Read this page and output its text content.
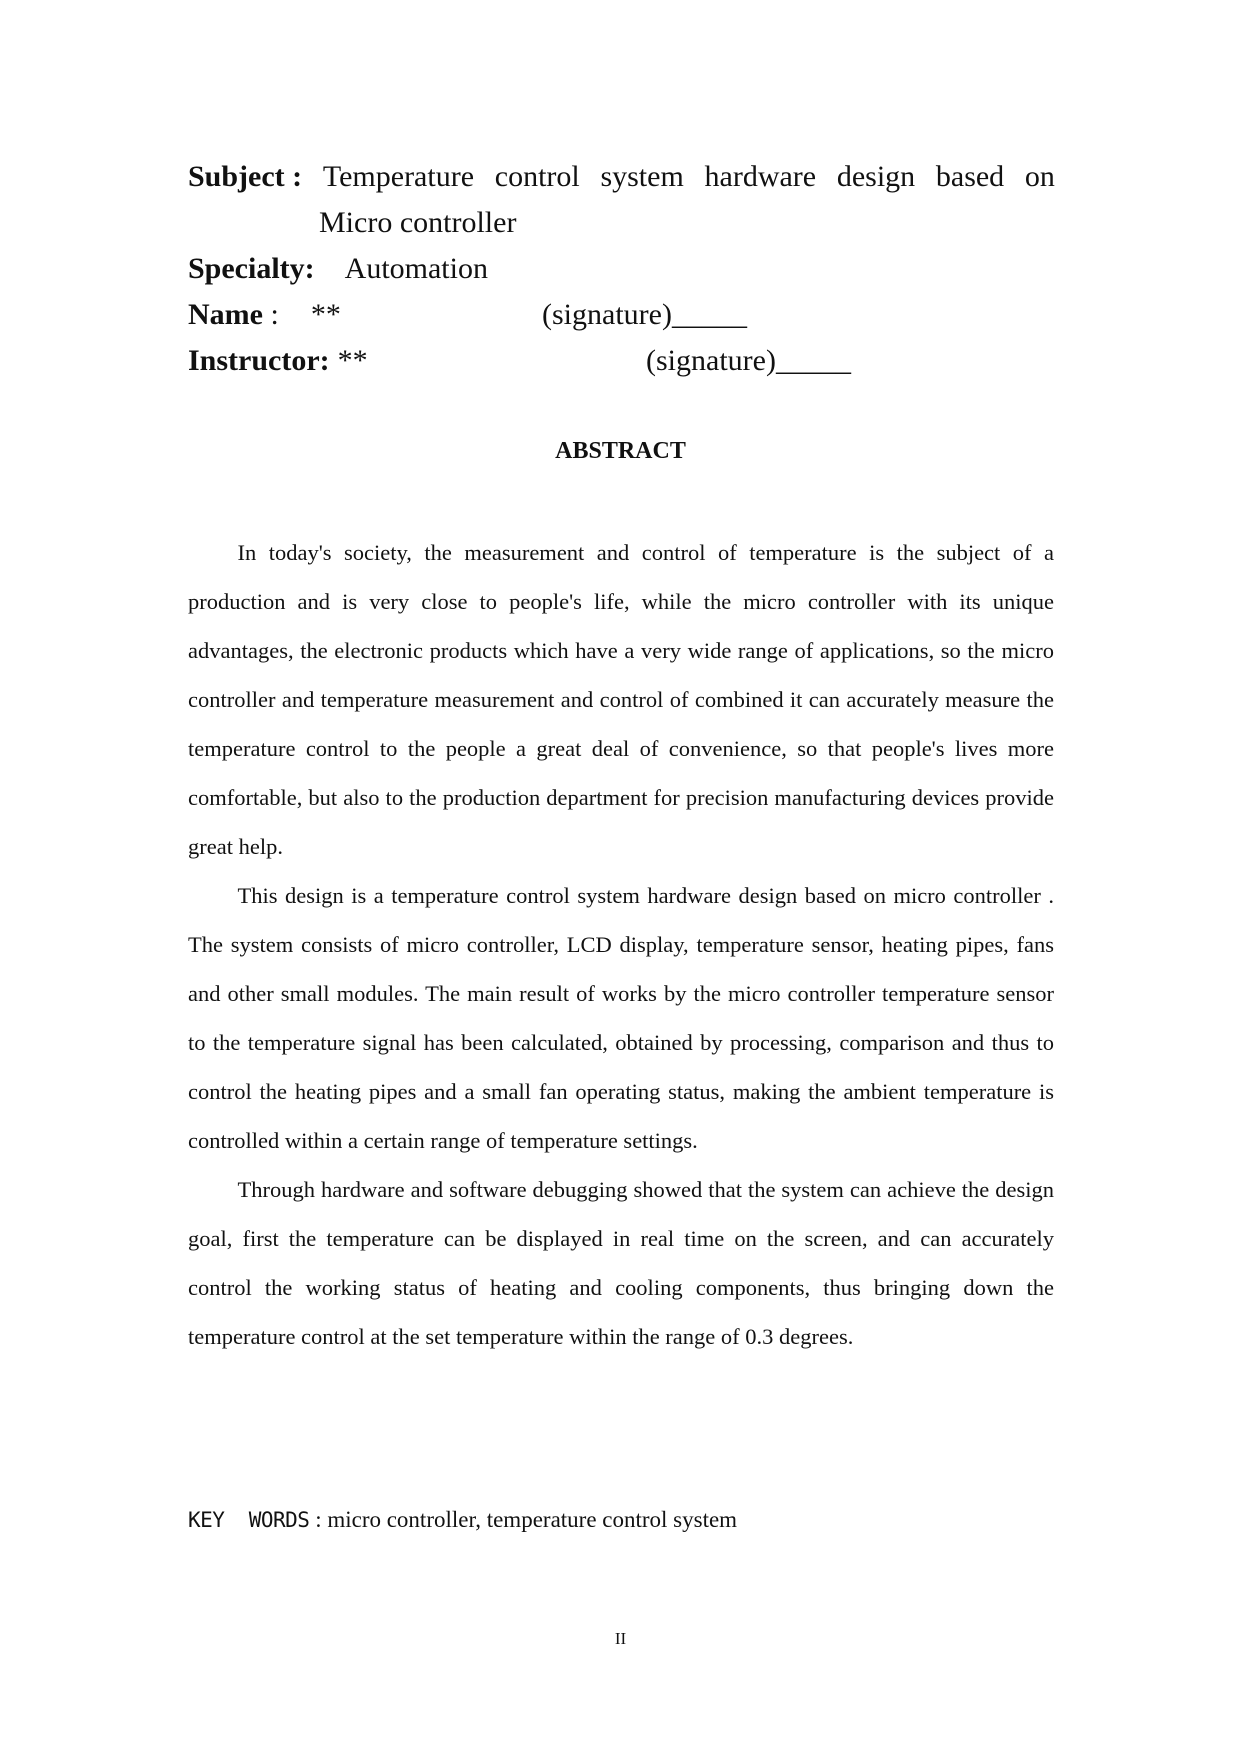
Subject : Temperature control system hardware design based on
Micro controller
Specialty: Automation
Name : **	(signature)_____
Instructor: **	(signature)_____
ABSTRACT

In today's society, the measurement and control of temperature is the subject of a production and is very close to people's life, while the micro controller with its unique advantages, the electronic products which have a very wide range of applications, so the micro controller and temperature measurement and control of combined it can accurately measure the temperature control to the people a great deal of convenience, so that people's lives more comfortable, but also to the production department for precision manufacturing devices provide great help.

This design is a temperature control system hardware design based on micro controller . The system consists of micro controller, LCD display, temperature sensor, heating pipes, fans and other small modules. The main result of works by the micro controller temperature sensor to the temperature signal has been calculated, obtained by processing, comparison and thus to control the heating pipes and a small fan operating status, making the ambient temperature is controlled within a certain range of temperature settings.

Through hardware and software debugging showed that the system can achieve the design goal, first the temperature can be displayed in real time on the screen, and can accurately control the working status of heating and cooling components, thus bringing down the temperature control at the set temperature within the range of 0.3 degrees.

KEY  WORDS : micro controller, temperature control system
II
